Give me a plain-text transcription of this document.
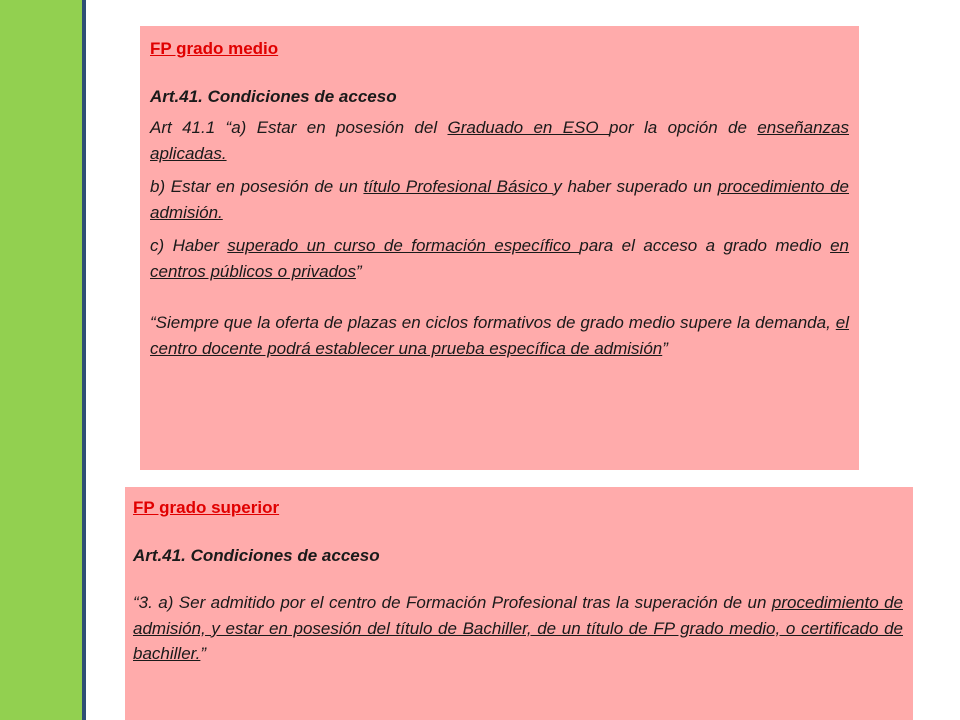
FP grado medio

Art.41. Condiciones de acceso

Art 41.1 “a) Estar en posesión del Graduado en ESO por la opción de enseñanzas aplicadas.

b) Estar en posesión de un título Profesional Básico y haber superado un procedimiento de admisión.

c) Haber superado un curso de formación específico para el acceso a grado medio en centros públicos o privados”

“Siempre que la oferta de plazas en ciclos formativos de grado medio supere la demanda, el centro docente podrá establecer una prueba específica de admisión”

FP grado superior

Art.41. Condiciones de acceso

“3. a) Ser admitido por el centro de Formación Profesional tras la superación de un procedimiento de admisión, y estar en posesión del título de Bachiller, de un título de FP grado medio, o certificado de bachiller.”
